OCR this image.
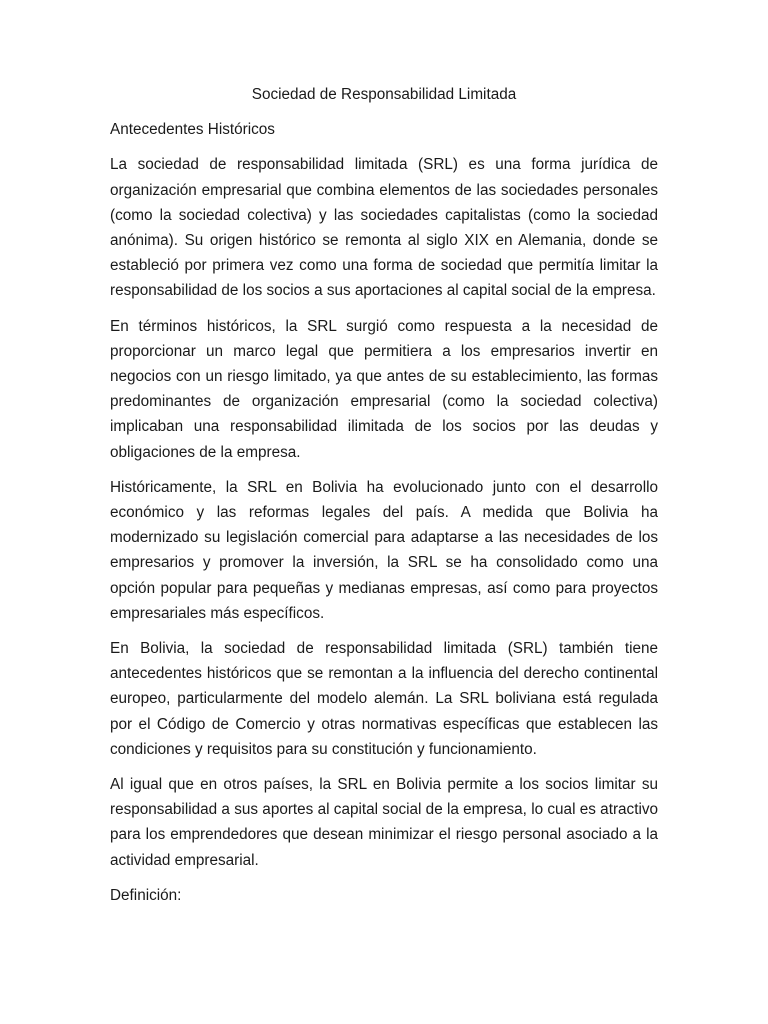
Sociedad de Responsabilidad Limitada
Antecedentes Históricos

La sociedad de responsabilidad limitada (SRL) es una forma jurídica de organización empresarial que combina elementos de las sociedades personales (como la sociedad colectiva) y las sociedades capitalistas (como la sociedad anónima). Su origen histórico se remonta al siglo XIX en Alemania, donde se estableció por primera vez como una forma de sociedad que permitía limitar la responsabilidad de los socios a sus aportaciones al capital social de la empresa.

En términos históricos, la SRL surgió como respuesta a la necesidad de proporcionar un marco legal que permitiera a los empresarios invertir en negocios con un riesgo limitado, ya que antes de su establecimiento, las formas predominantes de organización empresarial (como la sociedad colectiva) implicaban una responsabilidad ilimitada de los socios por las deudas y obligaciones de la empresa.

Históricamente, la SRL en Bolivia ha evolucionado junto con el desarrollo económico y las reformas legales del país. A medida que Bolivia ha modernizado su legislación comercial para adaptarse a las necesidades de los empresarios y promover la inversión, la SRL se ha consolidado como una opción popular para pequeñas y medianas empresas, así como para proyectos empresariales más específicos.

En Bolivia, la sociedad de responsabilidad limitada (SRL) también tiene antecedentes históricos que se remontan a la influencia del derecho continental europeo, particularmente del modelo alemán. La SRL boliviana está regulada por el Código de Comercio y otras normativas específicas que establecen las condiciones y requisitos para su constitución y funcionamiento.

Al igual que en otros países, la SRL en Bolivia permite a los socios limitar su responsabilidad a sus aportes al capital social de la empresa, lo cual es atractivo para los emprendedores que desean minimizar el riesgo personal asociado a la actividad empresarial.

Definición:
